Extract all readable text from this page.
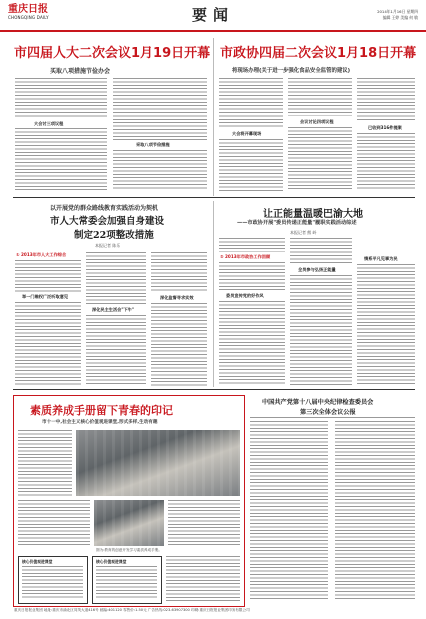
重庆日报
CHONGQING DAILY	要闻	2014年1月16日 星期四
编辑 王婷 美编 何 敏
市四届人大二次会议1月19日开幕
买取八项措施节俭办会
大会讨三项议程
采取八项节俭措施
市政协四届二次会议1月18日开幕
将现场办理(关于进一步强化食品安全监管的建议)
大会将开幕现场
会议讨论四项议程
已收到316件提案
以开展党的群众路线教育实践活动为契机
市人大常委会加强自身建设
制定22项整改措施
本报记者 陈乐
① 2013年市人大工作综合
举一门维权广泛听取意见
深化民主生活会"下牛"
深化监督寻求实效
让正能量温暖巴渝大地
——市政协开展"委员传递正能量"履职实践活动综述
本报记者 熊 岭
② 2013年市政协工作回顾
委员宣传党的好作风
全员参与弘扬正能量
情系平凡见事为民
素质养成手册留下青春的印记
市十一中,社会主义核心价值观进课堂,形式多样,生动有趣
图为:教育的创意开发学习素质养成手册。
核心价值观进课堂	核心价值观进课堂
中国共产党第十八届中央纪律检查委员会
第三次全体会议公报
重庆日报报业集团 地址:重庆市渝北区同茂大道416号 邮编:401120 零售价:1.50元 广告热线:023-63907300 印刷:重庆日报报业集团印务有限公司
